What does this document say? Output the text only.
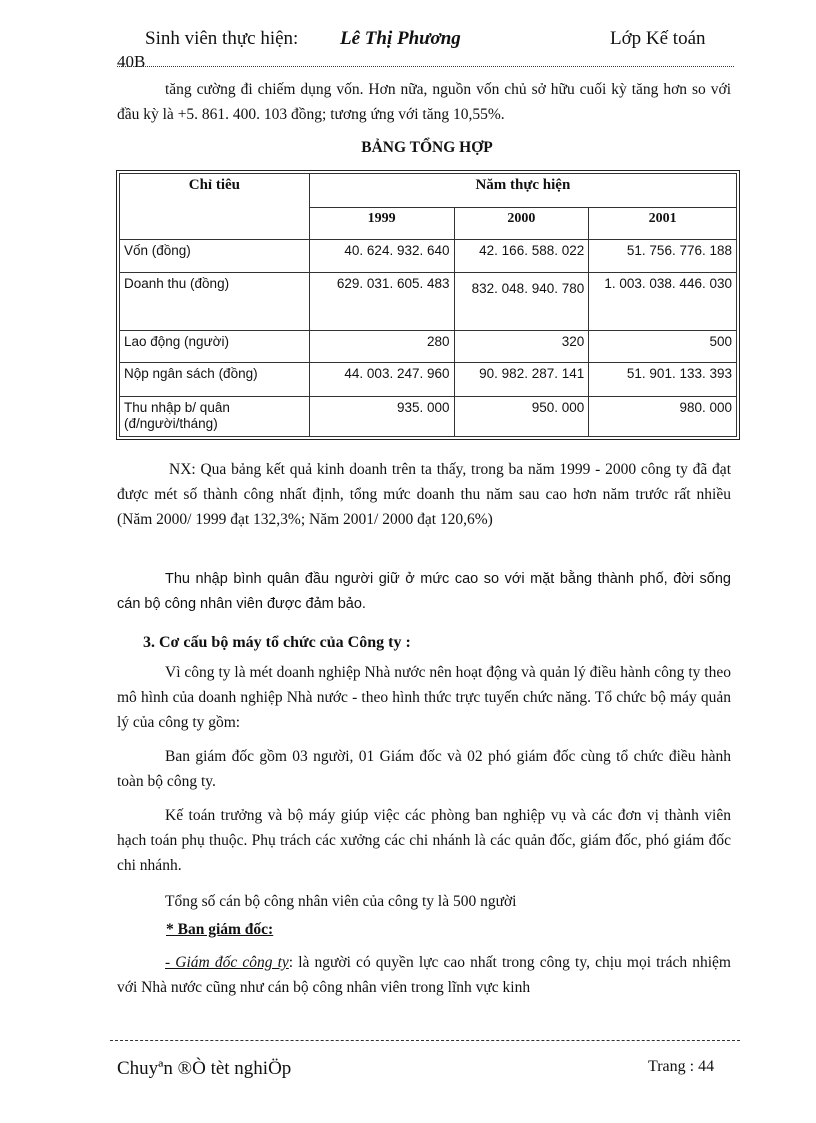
Sinh viên thực hiện: Lê Thị Phương	Lớp Kế toán
40B
tăng cường đi chiếm dụng vốn. Hơn nữa, nguồn vốn chủ sở hữu cuối kỳ tăng hơn so với đầu kỳ là +5. 861. 400. 103 đồng; tương ứng với tăng 10,55%.
BẢNG TỔNG HỢP
Chỉ tiêu	Năm thực hiện		
	1999	2000	2001
Vốn (đồng)	40. 624. 932. 640	42. 166. 588. 022	51. 756. 776. 188
Doanh thu (đồng)	629. 031. 605. 483	832. 048. 940. 780	1. 003. 038. 446. 030
Lao động (người)	280	320	500
Nộp ngân sách (đồng)	44. 003. 247. 960	90. 982. 287. 141	51. 901. 133. 393
Thu nhập b/ quân (đ/người/tháng)	935. 000	950. 000	980. 000
NX: Qua bảng kết quả kinh doanh trên ta thấy, trong ba năm 1999 - 2000 công ty đã đạt được mét số thành công nhất định, tổng mức doanh thu năm sau cao hơn năm trước rất nhiều (Năm 2000/ 1999 đạt 132,3%; Năm 2001/ 2000 đạt 120,6%)
Thu nhập bình quân đầu người giữ ở mức cao so với mặt bằng thành phố, đời sống cán bộ công nhân viên được đảm bảo.
3. Cơ cấu bộ máy tổ chức của Công ty :
Vì công ty là mét doanh nghiệp Nhà nước nên hoạt động và quản lý điều hành công ty theo mô hình của doanh nghiệp Nhà nước - theo hình thức trực tuyến chức năng. Tổ chức bộ máy quản lý của công ty gồm:
Ban giám đốc gồm 03 người, 01 Giám đốc và 02 phó giám đốc cùng tổ chức điều hành toàn bộ công ty.
Kế toán trưởng và bộ máy giúp việc các phòng ban nghiệp vụ và các đơn vị thành viên hạch toán phụ thuộc. Phụ trách các xưởng các chi nhánh là các quản đốc, giám đốc, phó giám đốc chi nhánh.
Tổng số cán bộ công nhân viên của công ty là 500 người
* Ban giám đốc:
- Giám đốc công ty: là người có quyền lực cao nhất trong công ty, chịu mọi trách nhiệm với Nhà nước cũng như cán bộ công nhân viên trong lĩnh vực kinh
Chuyªn ®Ò tèt nghiÖp	Trang : 44
